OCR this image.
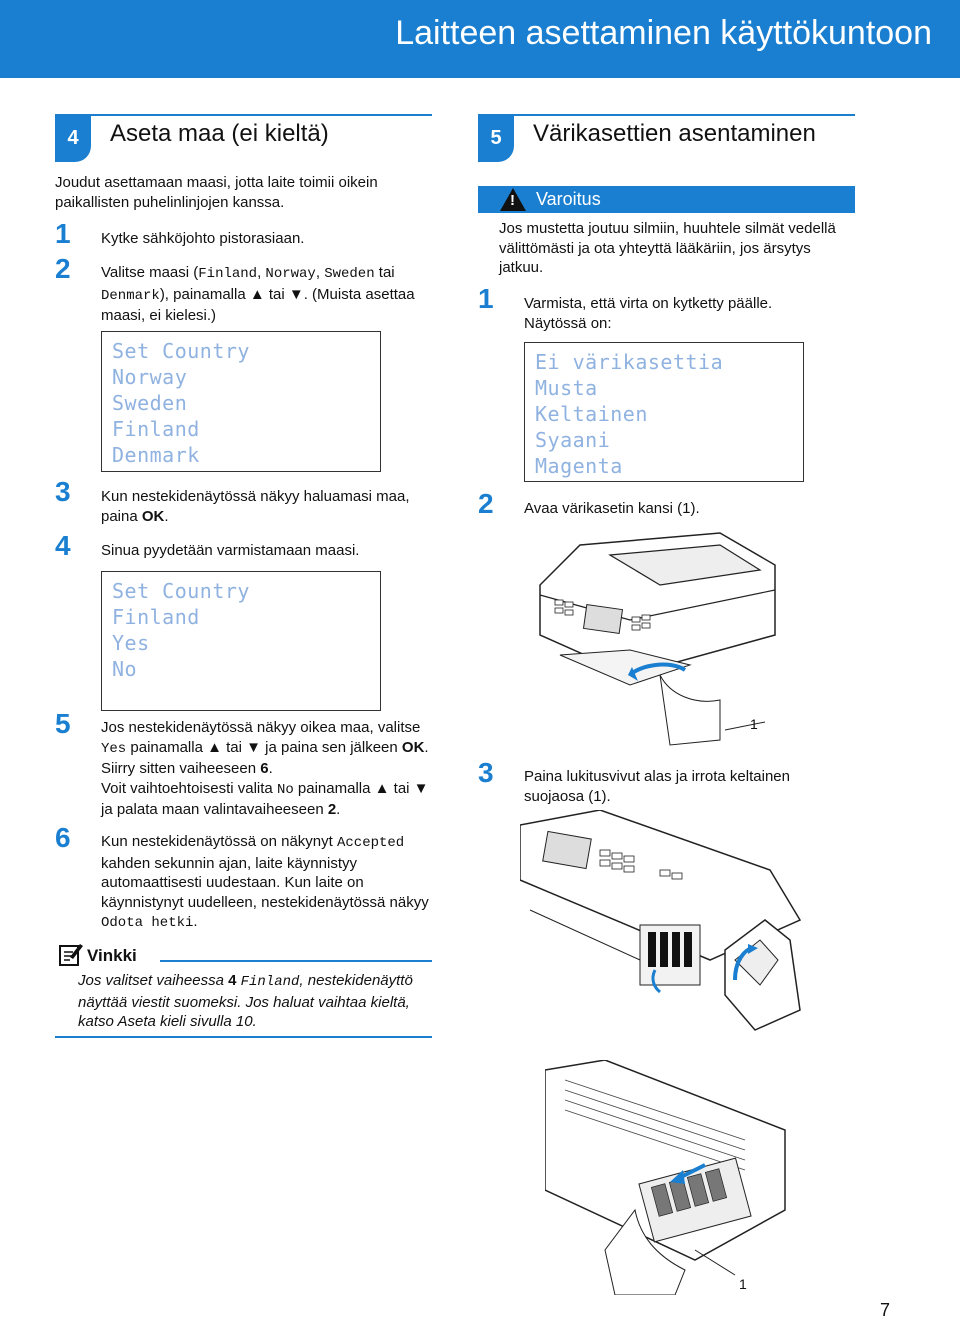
Laitteen asettaminen käyttökuntoon
4	Aseta maa (ei kieltä)
Joudut asettamaan maasi, jotta laite toimii oikein paikallisten puhelinlinjojen kanssa.
1	Kytke sähköjohto pistorasiaan.
2	Valitse maasi (Finland, Norway, Sweden tai
Denmark), painamalla ▲ tai ▼. (Muista asettaa maasi, ei kielesi.)
Set Country
Norway
Sweden
Finland
Denmark
3	Kun nestekidenäytössä näkyy haluamasi maa, paina OK.
4	Sinua pyydetään varmistamaan maasi.
Set Country
Finland
Yes
No
5	Jos nestekidenäytössä näkyy oikea maa, valitse Yes painamalla ▲ tai ▼ ja paina sen jälkeen OK. Siirry sitten vaiheeseen 6.
Voit vaihtoehtoisesti valita No painamalla ▲ tai ▼ ja palata maan valintavaiheeseen 2.
6	Kun nestekidenäytössä on näkynyt Accepted kahden sekunnin ajan, laite käynnistyy automaattisesti uudestaan. Kun laite on käynnistynyt uudelleen, nestekidenäytössä näkyy Odota hetki.
Vinkki
Jos valitset vaiheessa 4 Finland, nestekidenäyttö näyttää viestit suomeksi. Jos haluat vaihtaa kieltä, katso Aseta kieli sivulla 10.
5	Värikasettien asentaminen
! Varoitus
Jos mustetta joutuu silmiin, huuhtele silmät vedellä välittömästi ja ota yhteyttä lääkäriin, jos ärsytys jatkuu.
1	Varmista, että virta on kytketty päälle. Näytössä on:
Ei värikasettia
Musta
Keltainen
Syaani
Magenta
2	Avaa värikasetin kansi (1).
1
3	Paina lukitusvivut alas ja irrota keltainen suojaosa (1).
1
7
